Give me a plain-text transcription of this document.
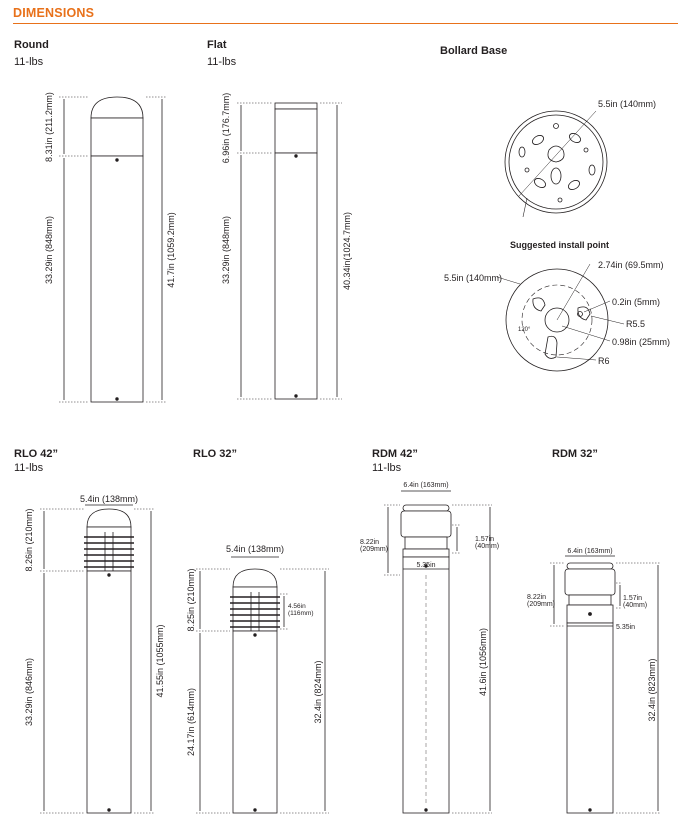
DIMENSIONS
Round
11-lbs
Flat
11-lbs
Bollard Base
RLO 42”
11-lbs
RLO 32”	RDM 42”
11-lbs
RDM 32”
8.31in (211.2mm)
33.29in (848mm)	41.7in (1059.2mm)
6.96in (176.7mm)
33.29in (848mm)	40.34in(1024.7mm)
5.5in (140mm)
Suggested install point
5.5in (140mm)
2.74in (69.5mm)
0.2in (5mm)
R5.5
0.98in (25mm)
R6
120°
5.4in (138mm)
8.26in (210mm)
33.29in (846mm)	41.55in (1055mm)
5.4in (138mm)
8.25in (210mm)
24.17in (614mm)
4.56in
(116mm)
32.4in (824mm)
6.4in (163mm)
8.22in
(209mm)
1.57in
(40mm)
5.35in
41.6in (1056mm)
6.4in (163mm)
8.22in
(209mm)
1.57in
(40mm)
5.35in
32.4in (823mm)
